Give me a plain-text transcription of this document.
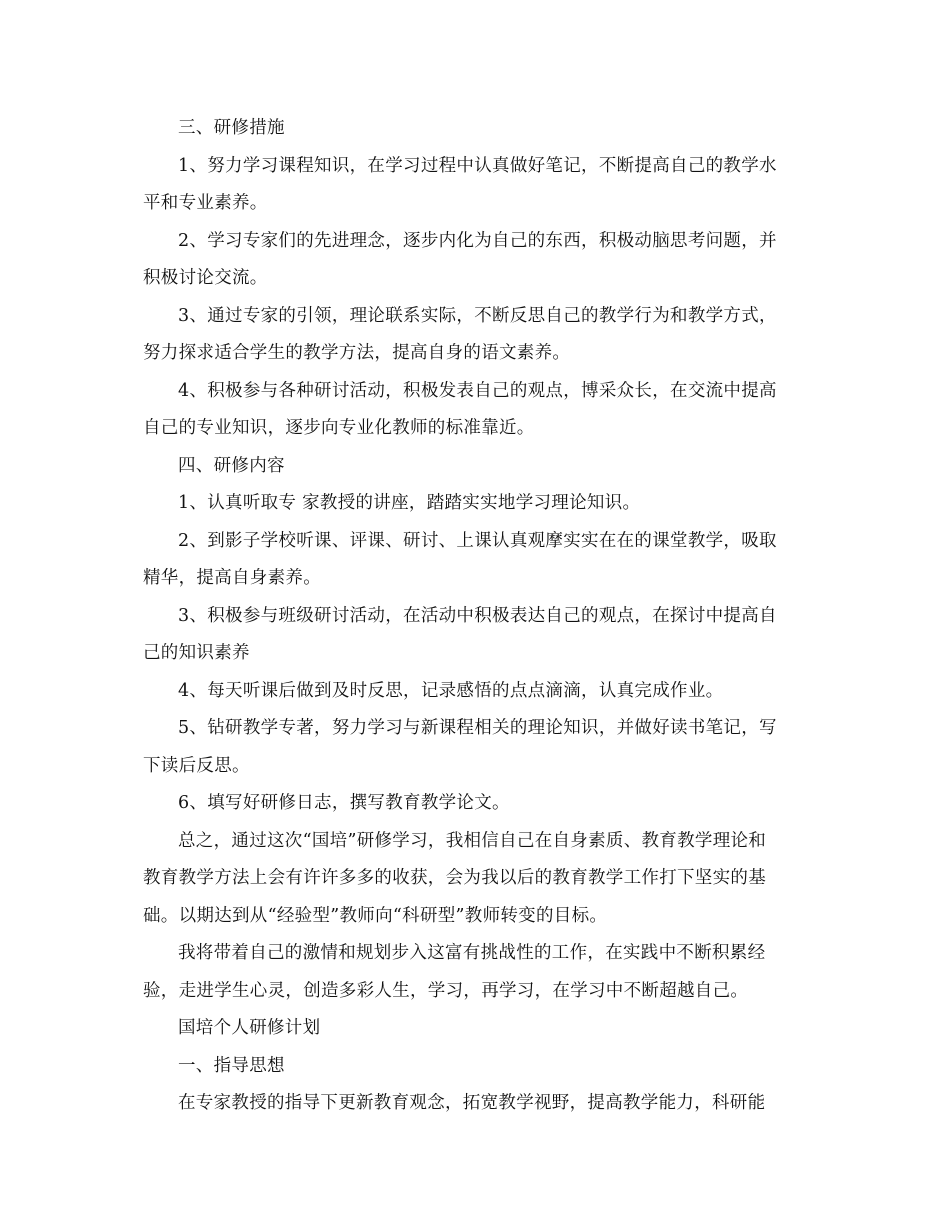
三、研修措施
1、努力学习课程知识，在学习过程中认真做好笔记，不断提高自己的教学水
平和专业素养。
2、学习专家们的先进理念，逐步内化为自己的东西，积极动脑思考问题，并
积极讨论交流。
3、通过专家的引领，理论联系实际，不断反思自己的教学行为和教学方式，
努力探求适合学生的教学方法，提高自身的语文素养。
4、积极参与各种研讨活动，积极发表自己的观点，博采众长，在交流中提高
自己的专业知识，逐步向专业化教师的标准靠近。
四、研修内容
1、认真听取专 家教授的讲座，踏踏实实地学习理论知识。
2、到影子学校听课、评课、研讨、上课认真观摩实实在在的课堂教学，吸取
精华，提高自身素养。
3、积极参与班级研讨活动，在活动中积极表达自己的观点，在探讨中提高自
己的知识素养
4、每天听课后做到及时反思，记录感悟的点点滴滴，认真完成作业。
5、钻研教学专著，努力学习与新课程相关的理论知识，并做好读书笔记，写
下读后反思。
6、填写好研修日志，撰写教育教学论文。
总之，通过这次“国培”研修学习，我相信自己在自身素质、教育教学理论和
教育教学方法上会有许许多多的收获，会为我以后的教育教学工作打下坚实的基
础。以期达到从“经验型”教师向“科研型”教师转变的目标。
我将带着自己的激情和规划步入这富有挑战性的工作，在实践中不断积累经
验，走进学生心灵，创造多彩人生，学习，再学习，在学习中不断超越自己。
国培个人研修计划
一、指导思想
在专家教授的指导下更新教育观念，拓宽教学视野，提高教学能力，科研能
